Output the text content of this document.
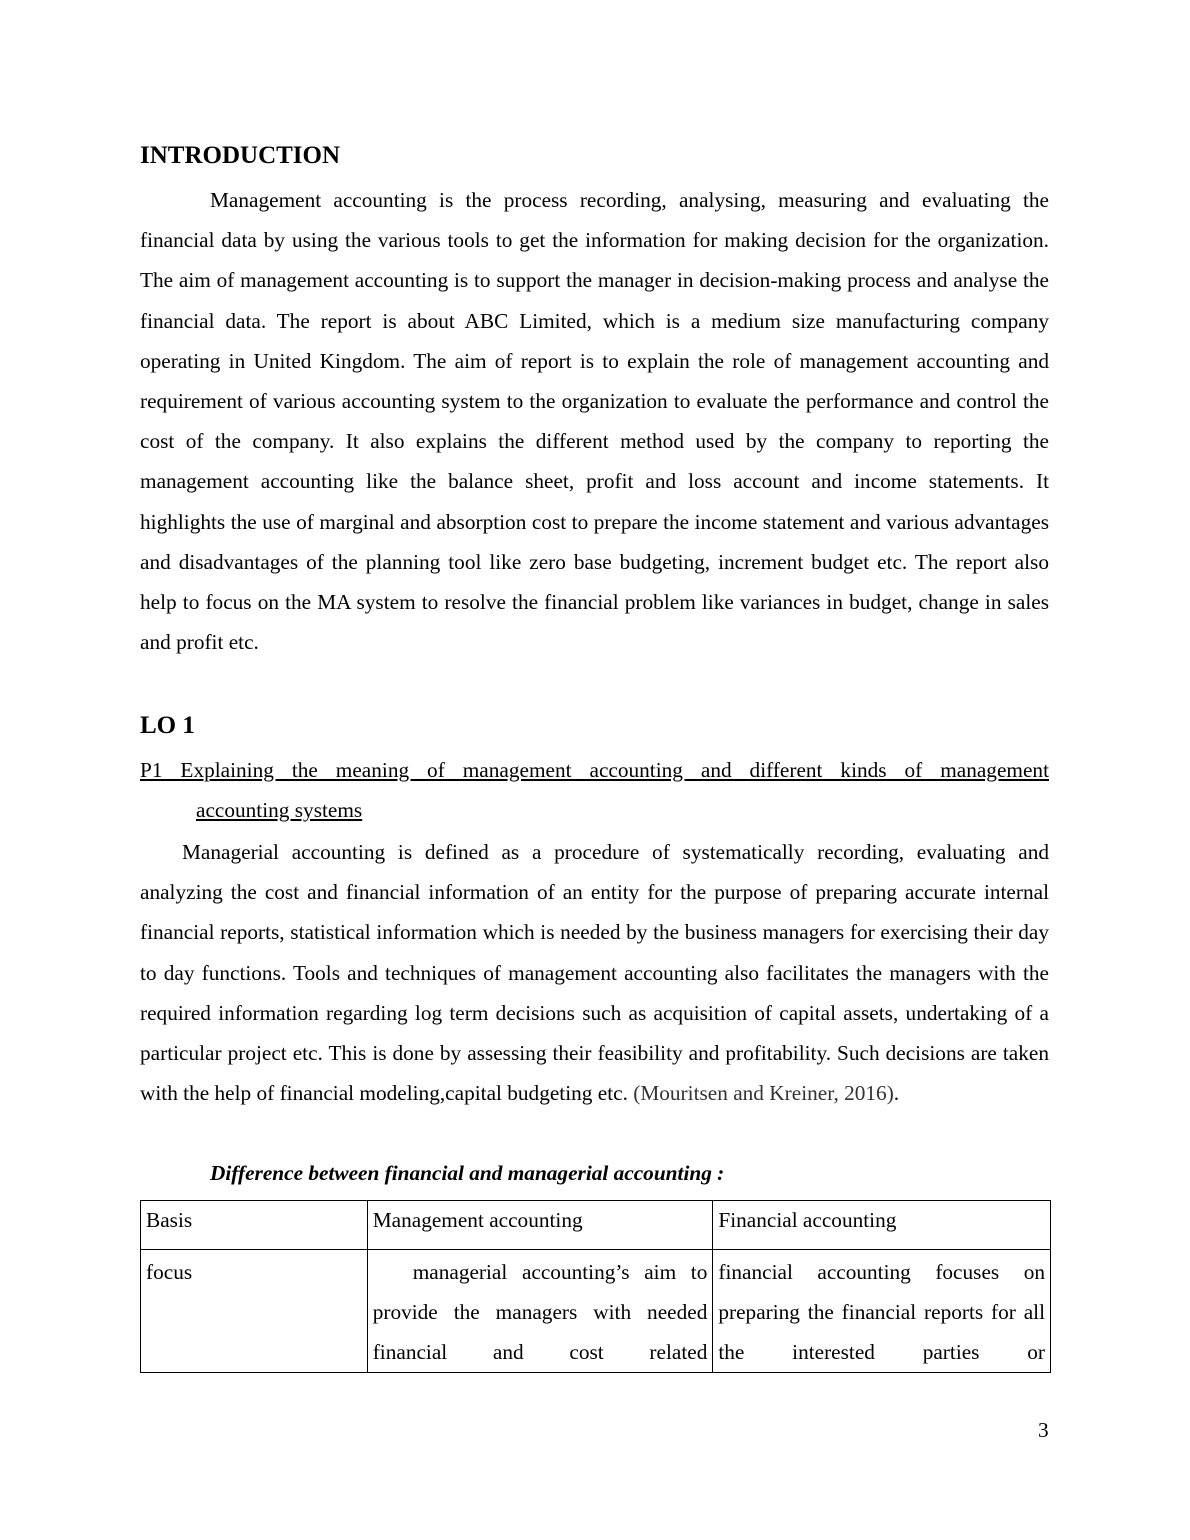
INTRODUCTION

Management accounting is the process recording, analysing, measuring and evaluating the financial data by using the various tools to get the information for making decision for the organization. The aim of management accounting is to support the manager in decision-making process and analyse the financial data. The report is about ABC Limited, which is a medium size manufacturing company operating in United Kingdom. The aim of report is to explain the role of management accounting and requirement of various accounting system to the organization to evaluate the performance and control the cost of the company. It also explains the different method used by the company to reporting the management accounting like the balance sheet, profit and loss account and income statements. It highlights the use of marginal and absorption cost to prepare the income statement and various advantages and disadvantages of the planning tool like zero base budgeting, increment budget etc. The report also help to focus on the MA system to resolve the financial problem like variances in budget, change in sales and profit etc.

LO 1
P1 Explaining the meaning of management accounting and different kinds of management
accounting systems

Managerial accounting is defined as a procedure of systematically recording, evaluating and analyzing the cost and financial information of an entity for the purpose of preparing accurate internal financial reports, statistical information which is needed by the business managers for exercising their day to day functions. Tools and techniques of management accounting also facilitates the managers with the required information regarding log term decisions such as acquisition of capital assets, undertaking of a particular project etc. This is done by assessing their feasibility and profitability. Such decisions are taken with the help of financial modeling,capital budgeting etc. (Mouritsen and Kreiner, 2016).

Difference between financial and managerial accounting :

Basis	Management accounting	Financial accounting
focus	managerial accounting’s aim to provide the managers with needed financial and cost related	financial accounting focuses on preparing the financial reports for all the interested parties or
3
